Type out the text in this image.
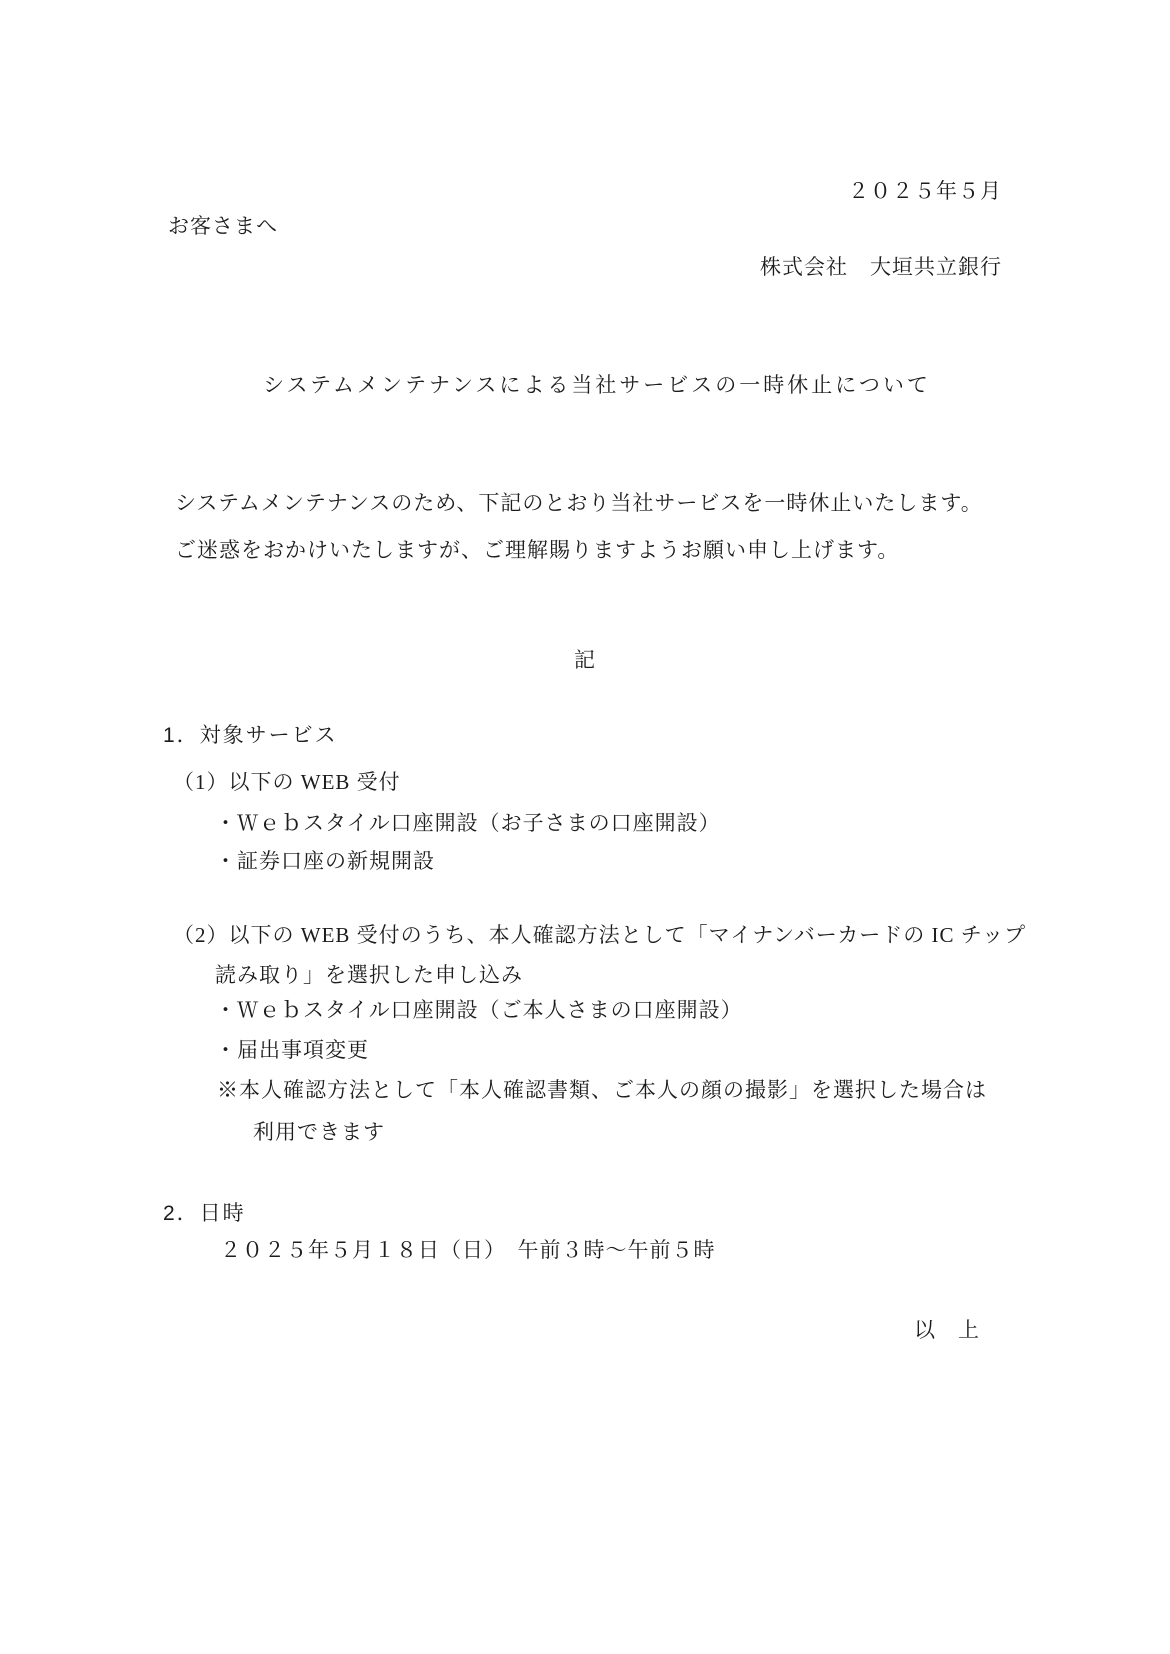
２０２５年５月
お客さまへ
株式会社　大垣共立銀行
システムメンテナンスによる当社サービスの一時休止について
システムメンテナンスのため、下記のとおり当社サービスを一時休止いたします。
ご迷惑をおかけいたしますが、ご理解賜りますようお願い申し上げます。
記
1．対象サービス
（1）以下の WEB 受付
・Ｗｅｂスタイル口座開設（お子さまの口座開設）
・証券口座の新規開設
（2）以下の WEB 受付のうち、本人確認方法として「マイナンバーカードの IC チップ
読み取り」を選択した申し込み
・Ｗｅｂスタイル口座開設（ご本人さまの口座開設）
・届出事項変更
※本人確認方法として「本人確認書類、ご本人の顔の撮影」を選択した場合は
利用できます
2．日時
２０２５年５月１８日（日）　午前３時～午前５時
以　上
